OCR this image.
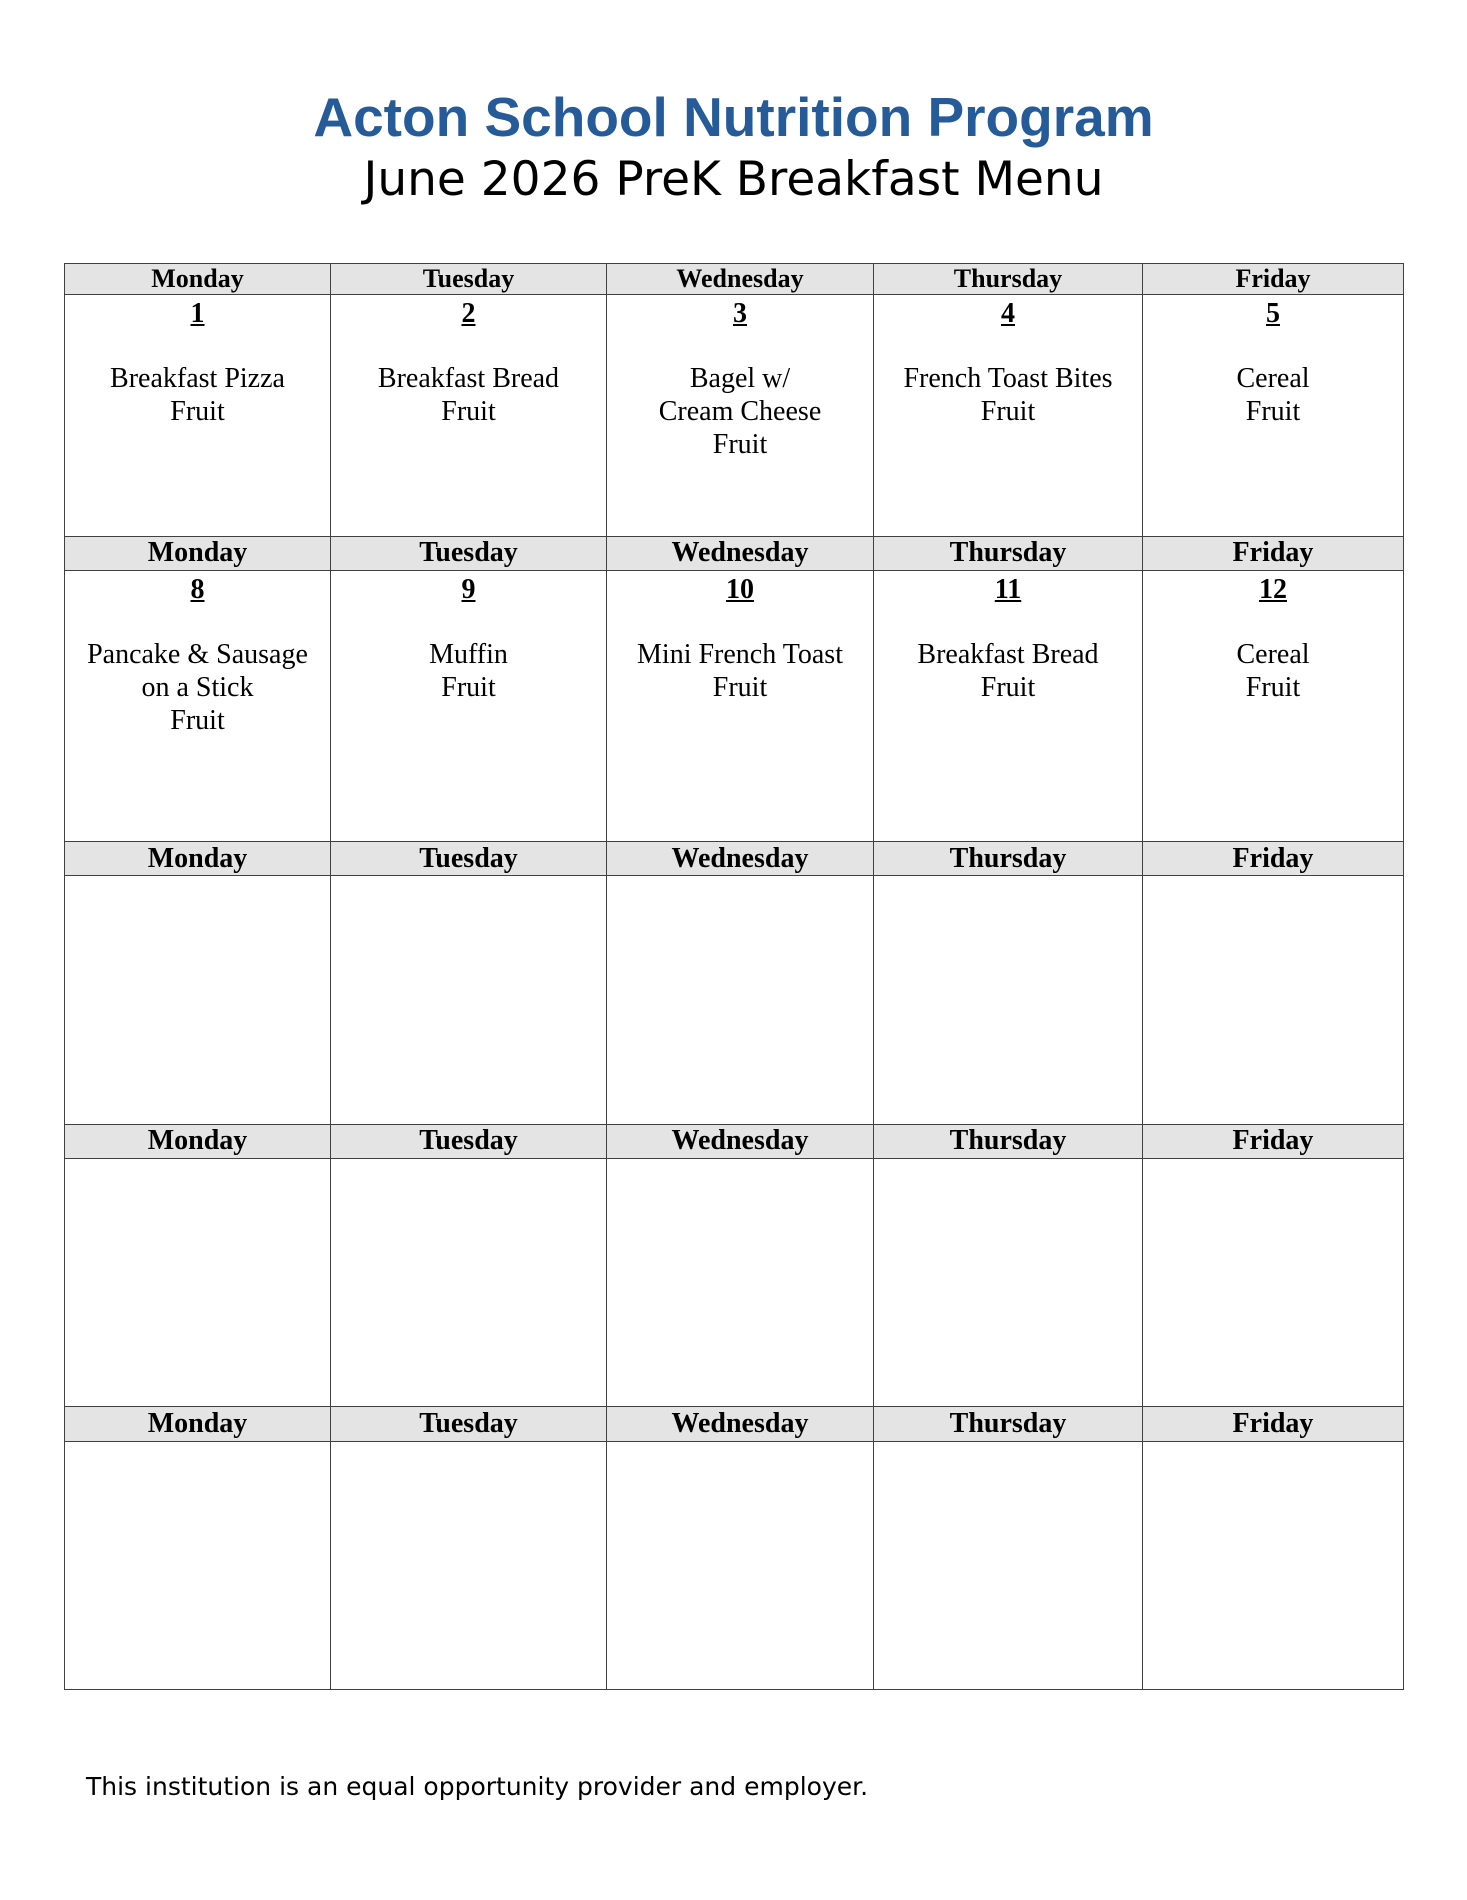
Acton School Nutrition Program
June 2026 PreK Breakfast Menu
Monday	Tuesday	Wednesday	Thursday	Friday

1
Breakfast Pizza
Fruit	2
Breakfast Bread
Fruit	3
Bagel w/
Cream Cheese
Fruit	4
French Toast Bites
Fruit	5
Cereal
Fruit

Monday	Tuesday	Wednesday	Thursday	Friday

8
Pancake & Sausage
on a Stick
Fruit	9
Muffin
Fruit	10
Mini French Toast
Fruit	11
Breakfast Bread
Fruit	12
Cereal
Fruit

Monday	Tuesday	Wednesday	Thursday	Friday

Monday	Tuesday	Wednesday	Thursday	Friday

Monday	Tuesday	Wednesday	Thursday	Friday

This institution is an equal opportunity provider and employer.
